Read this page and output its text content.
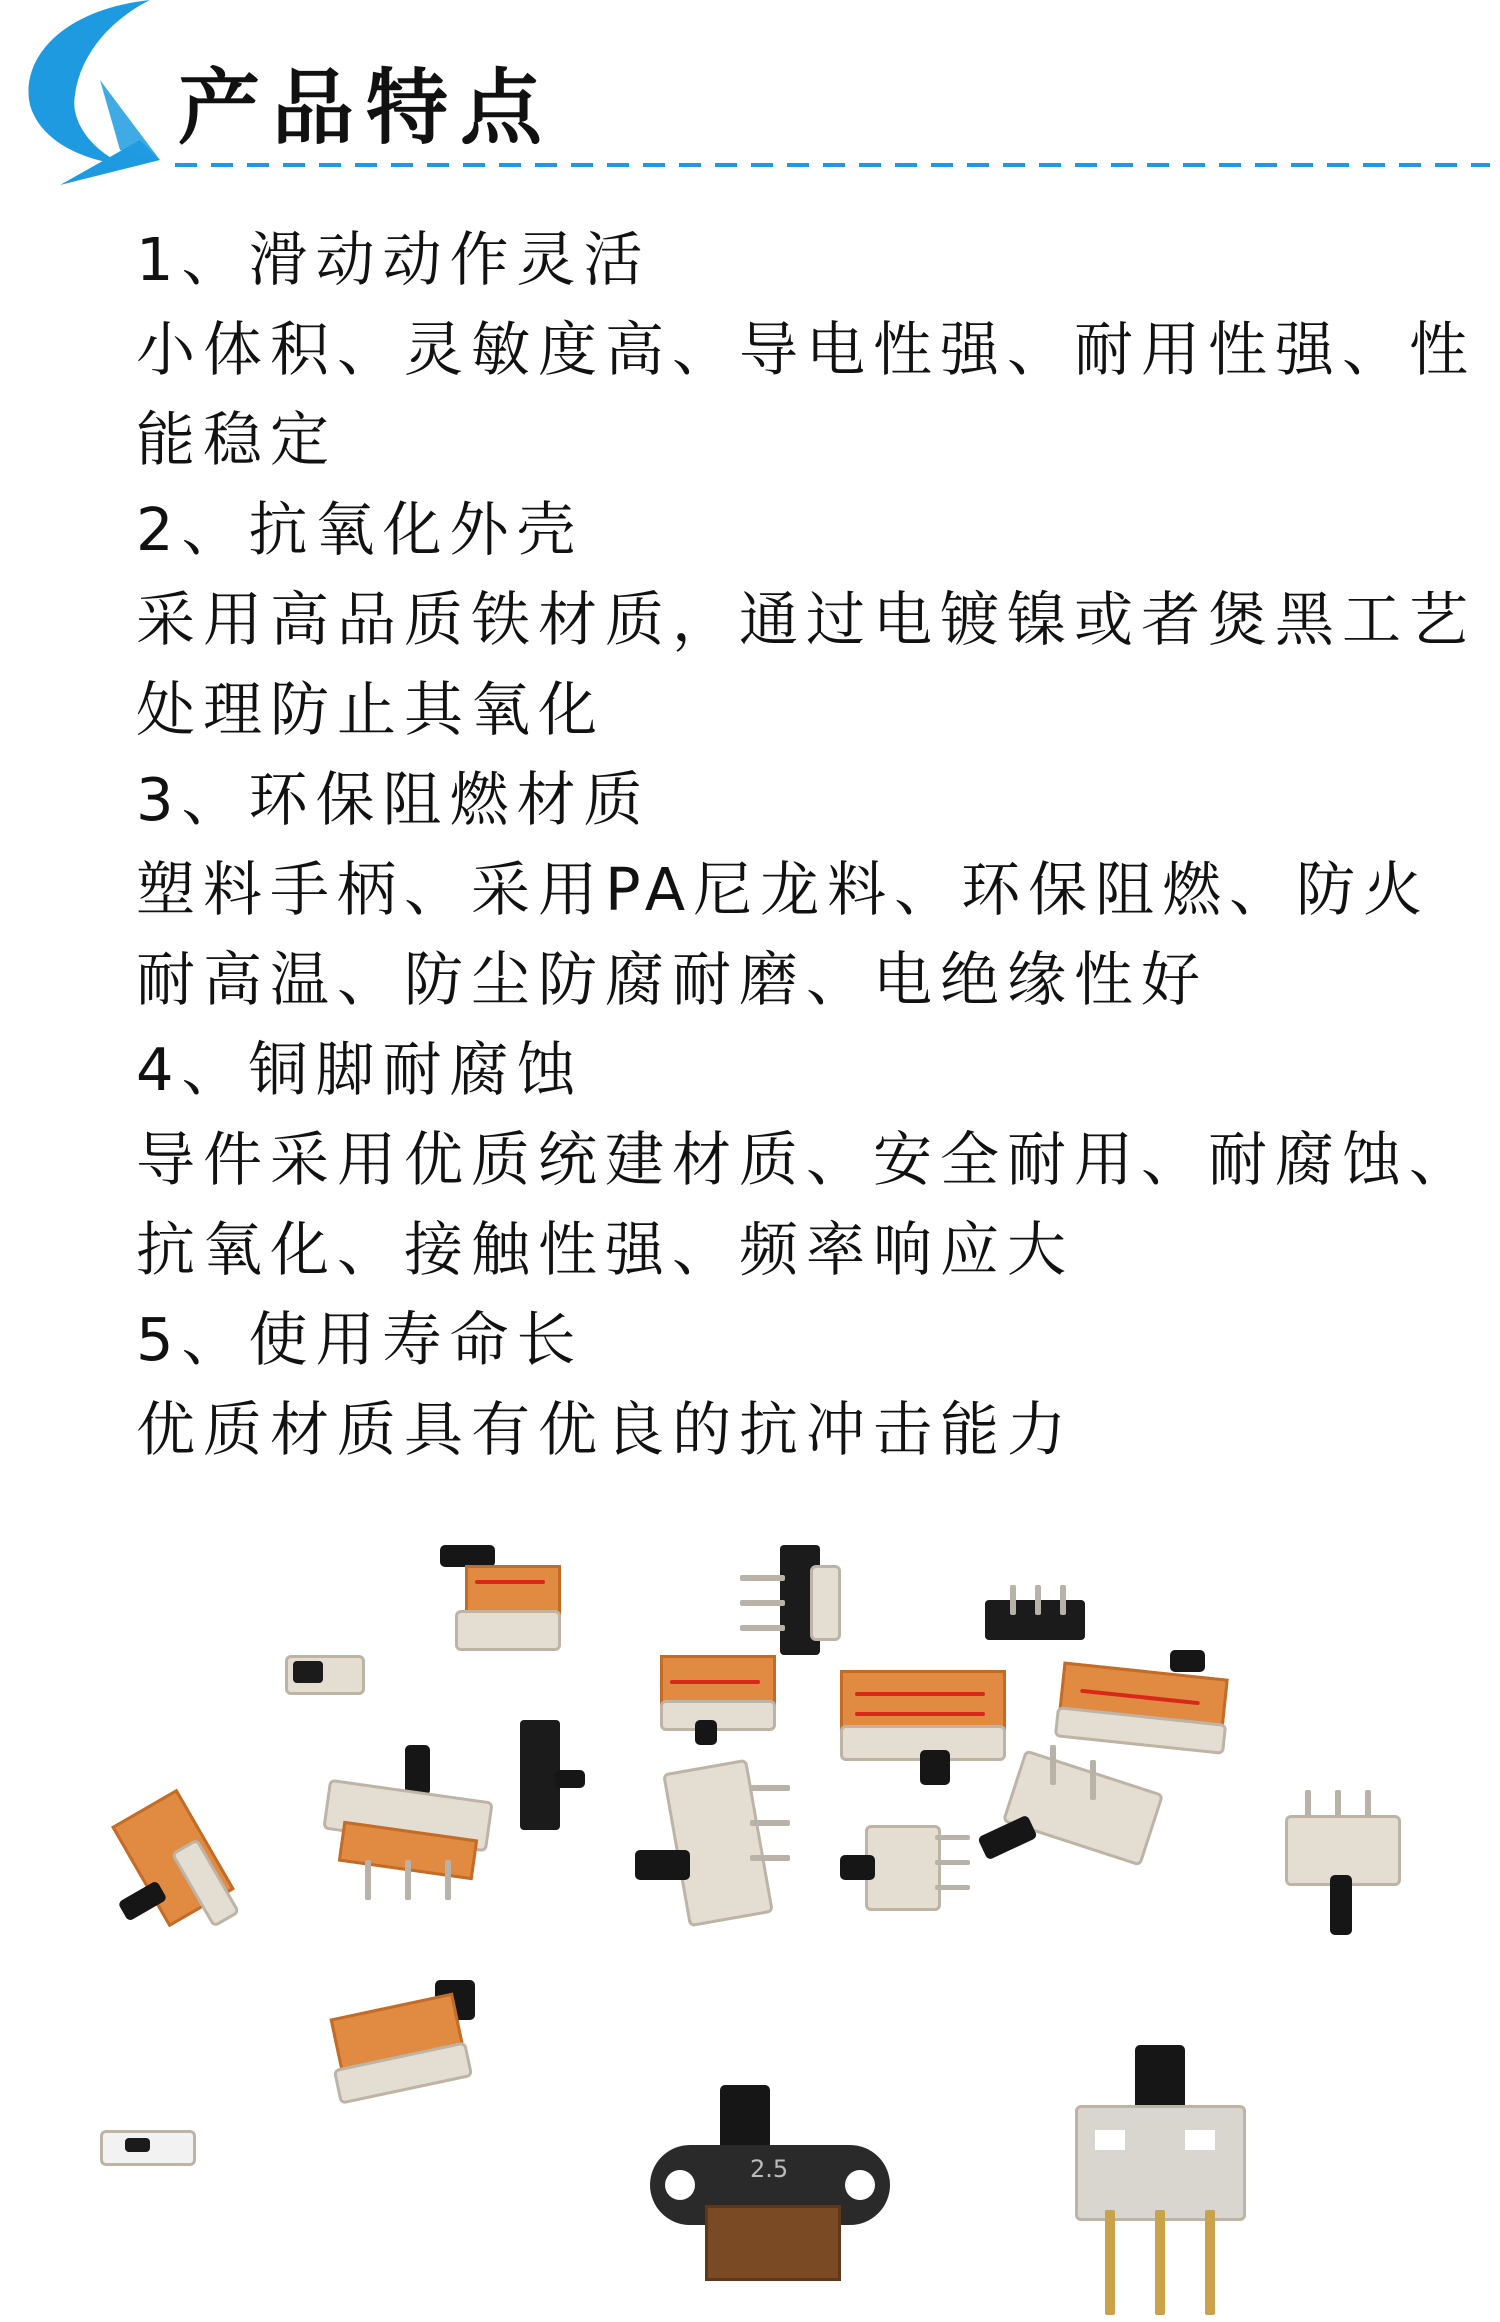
产品特点
1、滑动动作灵活
小体积、灵敏度高、导电性强、耐用性强、性能稳定
2、抗氧化外壳
采用高品质铁材质，通过电镀镍或者煲黑工艺处理防止其氧化
3、环保阻燃材质
塑料手柄、采用PA尼龙料、环保阻燃、防火耐高温、防尘防腐耐磨、电绝缘性好
4、铜脚耐腐蚀
导件采用优质统建材质、安全耐用、耐腐蚀、抗氧化、接触性强、频率响应大
5、使用寿命长
优质材质具有优良的抗冲击能力
2.5
